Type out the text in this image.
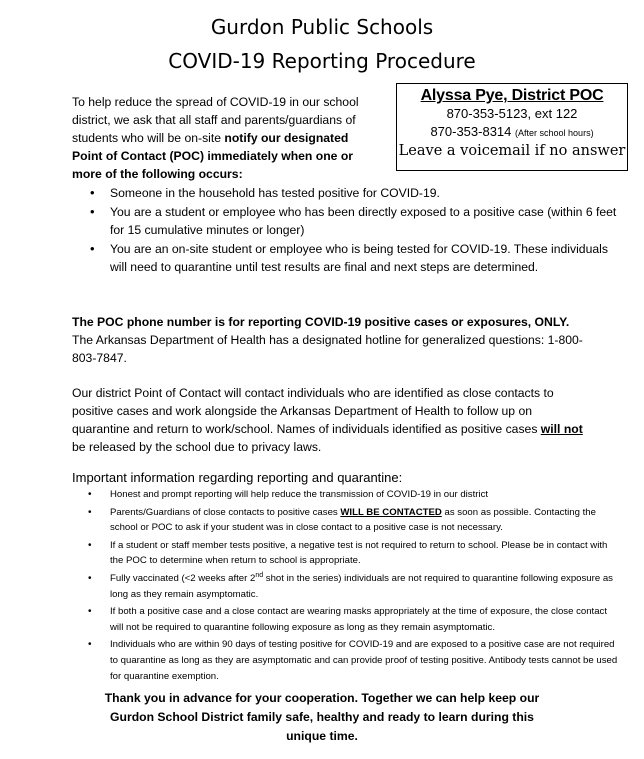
Gurdon Public Schools
COVID-19 Reporting Procedure
To help reduce the spread of COVID-19 in our school district, we ask that all staff and parents/guardians of students who will be on-site notify our designated Point of Contact (POC) immediately when one or more of the following occurs:
Alyssa Pye, District POC
870-353-5123, ext 122
870-353-8314 (After school hours)
Leave a voicemail if no answer
• Someone in the household has tested positive for COVID-19.
• You are a student or employee who has been directly exposed to a positive case (within 6 feet for 15 cumulative minutes or longer)
• You are an on-site student or employee who is being tested for COVID-19. These individuals will need to quarantine until test results are final and next steps are determined.
The POC phone number is for reporting COVID-19 positive cases or exposures, ONLY. The Arkansas Department of Health has a designated hotline for generalized questions: 1-800-803-7847.
Our district Point of Contact will contact individuals who are identified as close contacts to positive cases and work alongside the Arkansas Department of Health to follow up on quarantine and return to work/school. Names of individuals identified as positive cases will not be released by the school due to privacy laws.
Important information regarding reporting and quarantine:
• Honest and prompt reporting will help reduce the transmission of COVID-19 in our district
• Parents/Guardians of close contacts to positive cases WILL BE CONTACTED as soon as possible. Contacting the school or POC to ask if your student was in close contact to a positive case is not necessary.
• If a student or staff member tests positive, a negative test is not required to return to school. Please be in contact with the POC to determine when return to school is appropriate.
• Fully vaccinated (<2 weeks after 2nd shot in the series) individuals are not required to quarantine following exposure as long as they remain asymptomatic.
• If both a positive case and a close contact are wearing masks appropriately at the time of exposure, the close contact will not be required to quarantine following exposure as long as they remain asymptomatic.
• Individuals who are within 90 days of testing positive for COVID-19 and are exposed to a positive case are not required to quarantine as long as they are asymptomatic and can provide proof of testing positive. Antibody tests cannot be used for quarantine exemption.
Thank you in advance for your cooperation. Together we can help keep our Gurdon School District family safe, healthy and ready to learn during this unique time.
